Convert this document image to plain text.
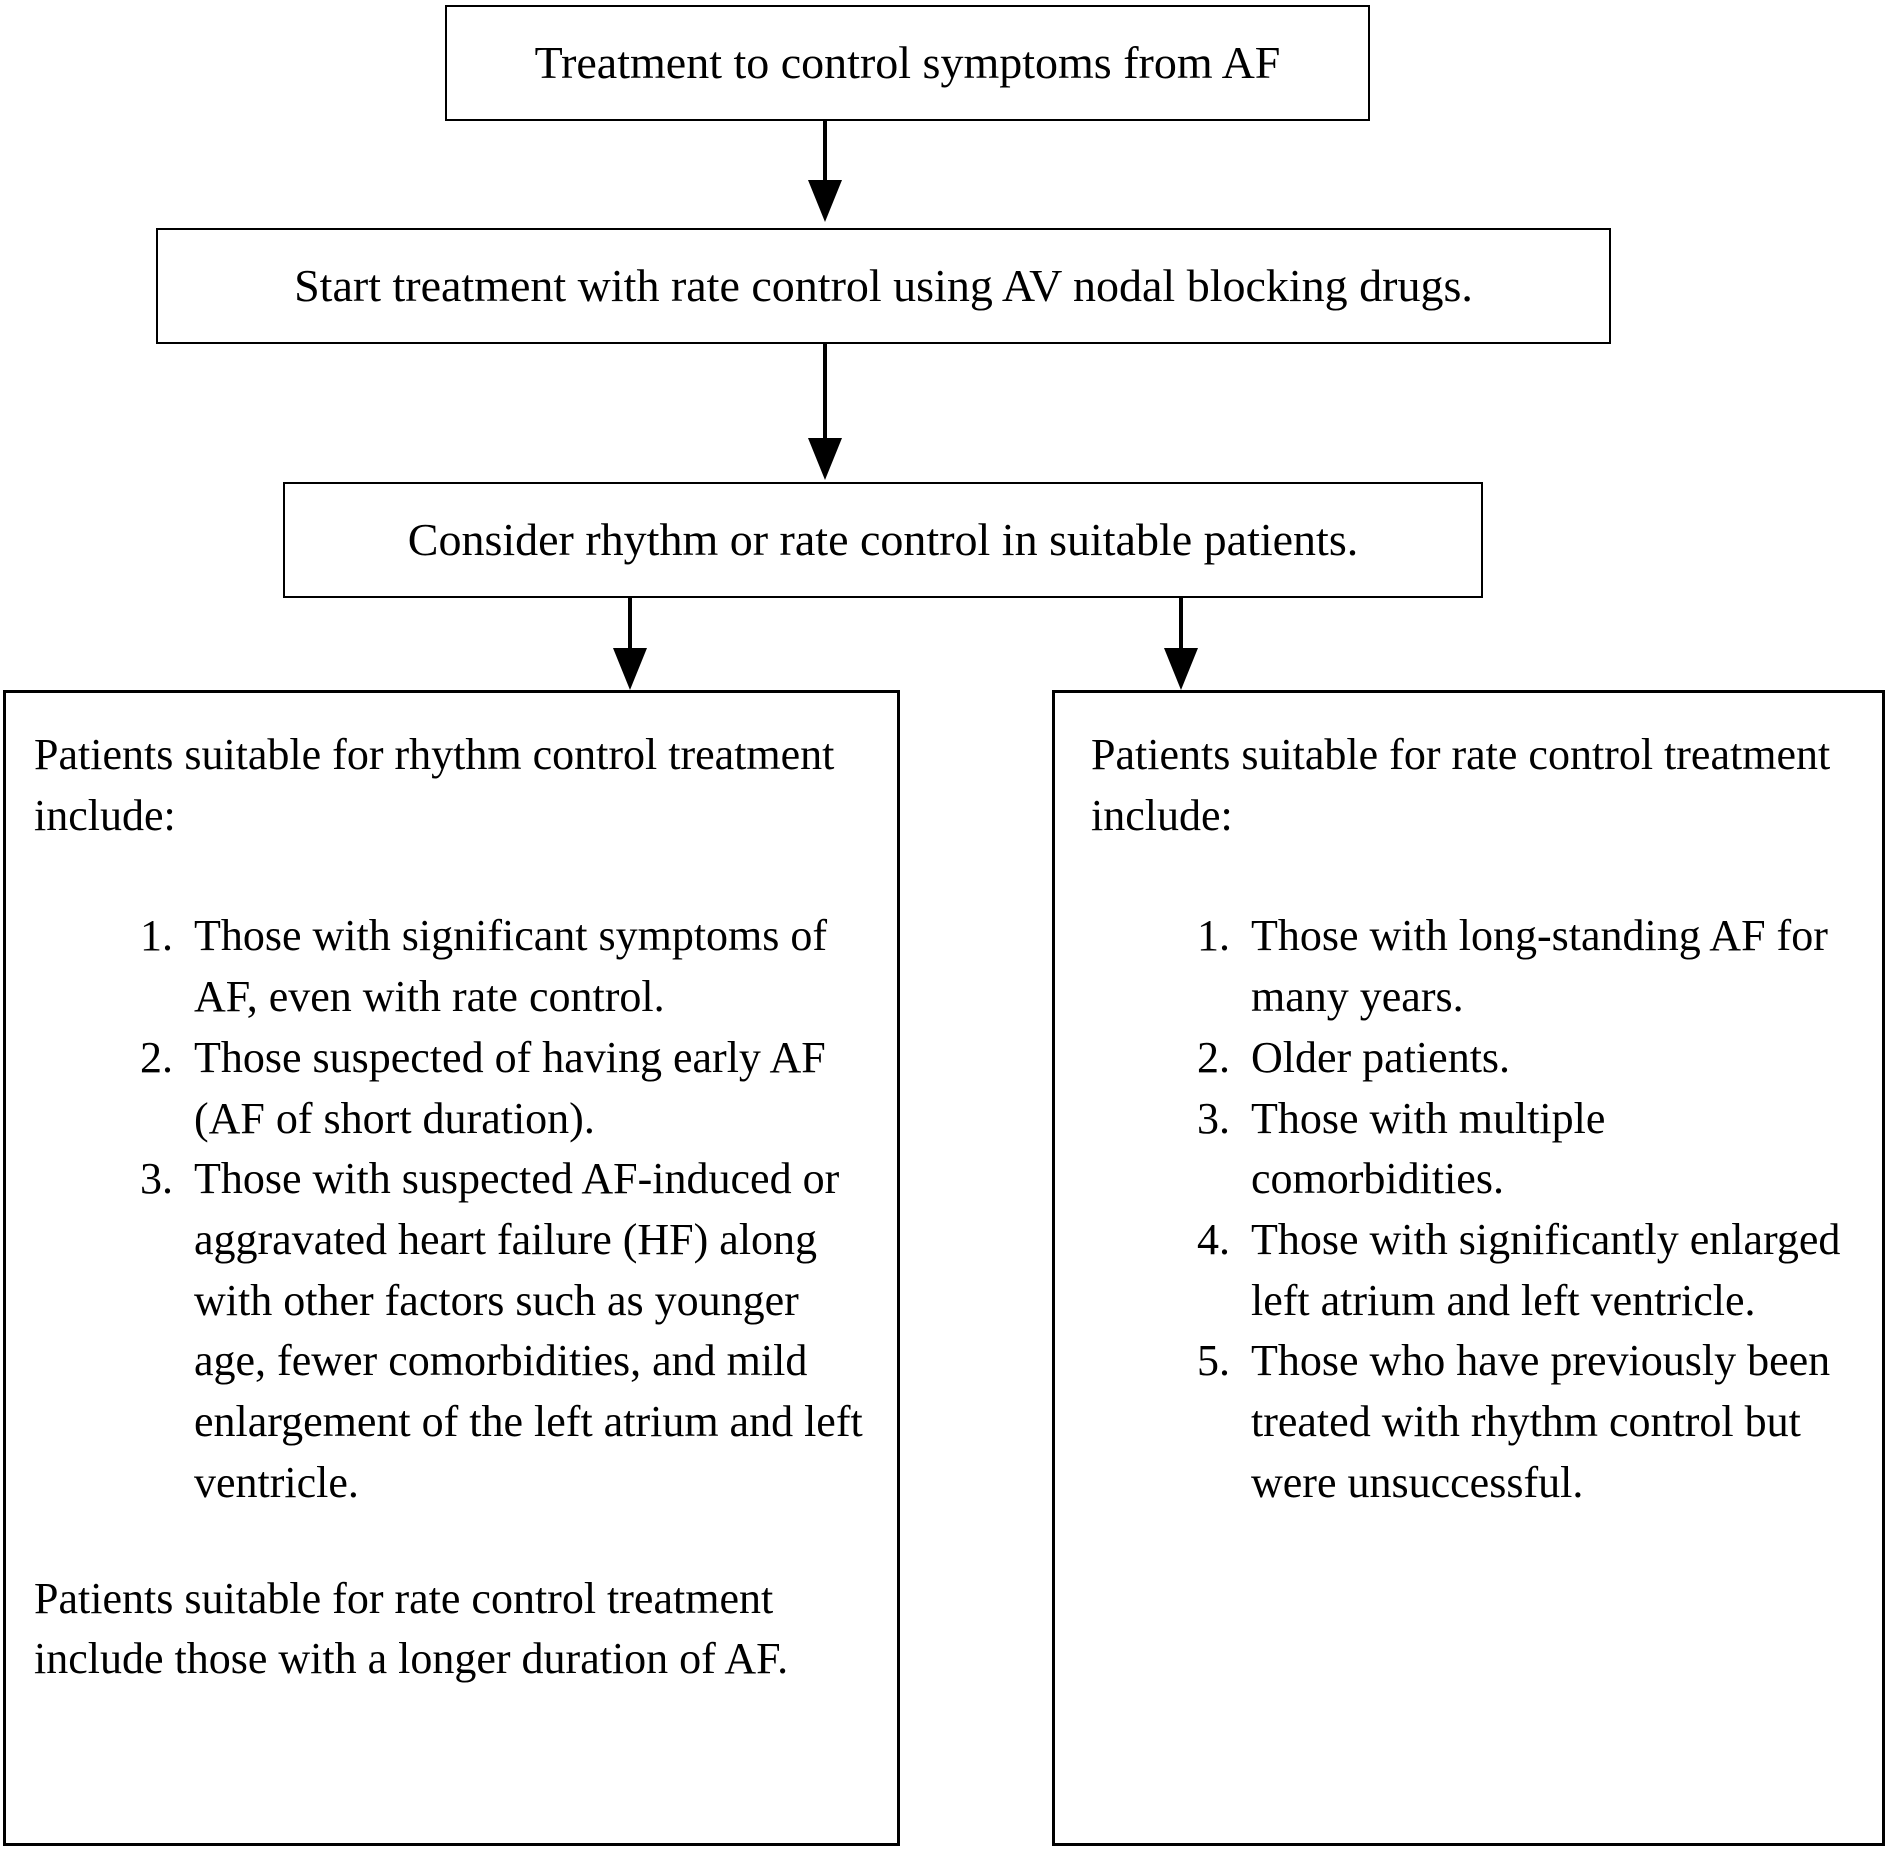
Treatment to control symptoms from AF
Start treatment with rate control using AV nodal blocking drugs.
Consider rhythm or rate control in suitable patients.

Patients suitable for rhythm control treatment include:

1. Those with significant symptoms of AF, even with rate control.
2. Those suspected of having early AF (AF of short duration).
3. Those with suspected AF-induced or aggravated heart failure (HF) along with other factors such as younger age, fewer comorbidities, and mild enlargement of the left atrium and left ventricle.

Patients suitable for rate control treatment include those with a longer duration of AF.

Patients suitable for rate control treatment include:

1. Those with long-standing AF for many years.
2. Older patients.
3. Those with multiple comorbidities.
4. Those with significantly enlarged left atrium and left ventricle.
5. Those who have previously been treated with rhythm control but were unsuccessful.
